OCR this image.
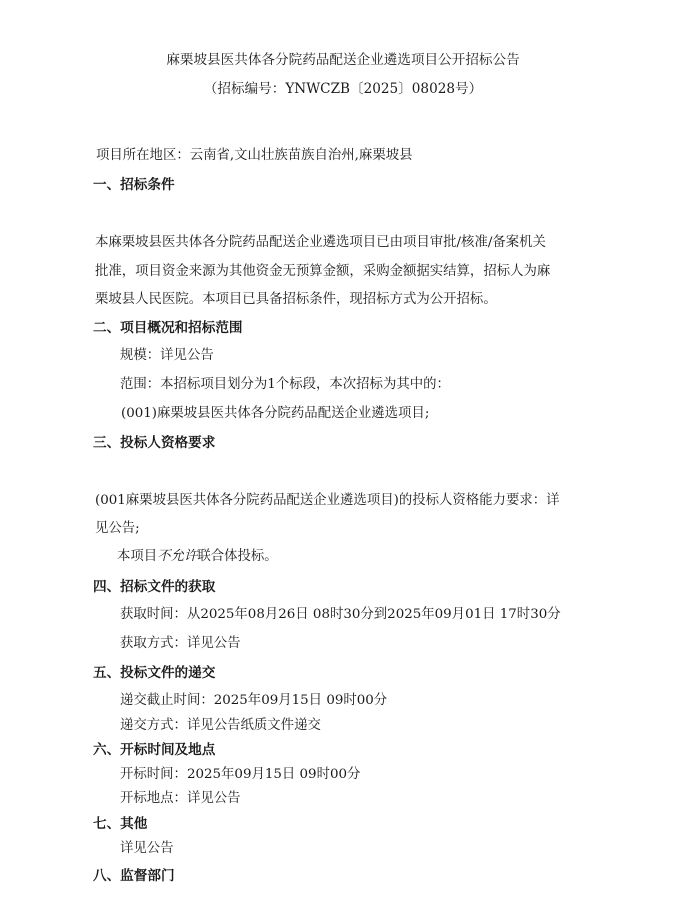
麻栗坡县医共体各分院药品配送企业遴选项目公开招标公告
（招标编号：YNWCZB〔2025〕08028号）
项目所在地区：云南省,文山壮族苗族自治州,麻栗坡县
一、招标条件
本麻栗坡县医共体各分院药品配送企业遴选项目已由项目审批/核准/备案机关
批准，项目资金来源为其他资金无预算金额，采购金额据实结算，招标人为麻
栗坡县人民医院。本项目已具备招标条件，现招标方式为公开招标。
二、项目概况和招标范围
规模：详见公告
范围：本招标项目划分为1个标段，本次招标为其中的：
(001)麻栗坡县医共体各分院药品配送企业遴选项目;
三、投标人资格要求
(001麻栗坡县医共体各分院药品配送企业遴选项目)的投标人资格能力要求：详
见公告;
本项目不允许联合体投标。
四、招标文件的获取
获取时间：从2025年08月26日 08时30分到2025年09月01日 17时30分
获取方式：详见公告
五、投标文件的递交
递交截止时间：2025年09月15日 09时00分
递交方式：详见公告纸质文件递交
六、开标时间及地点
开标时间：2025年09月15日 09时00分
开标地点：详见公告
七、其他
详见公告
八、监督部门
